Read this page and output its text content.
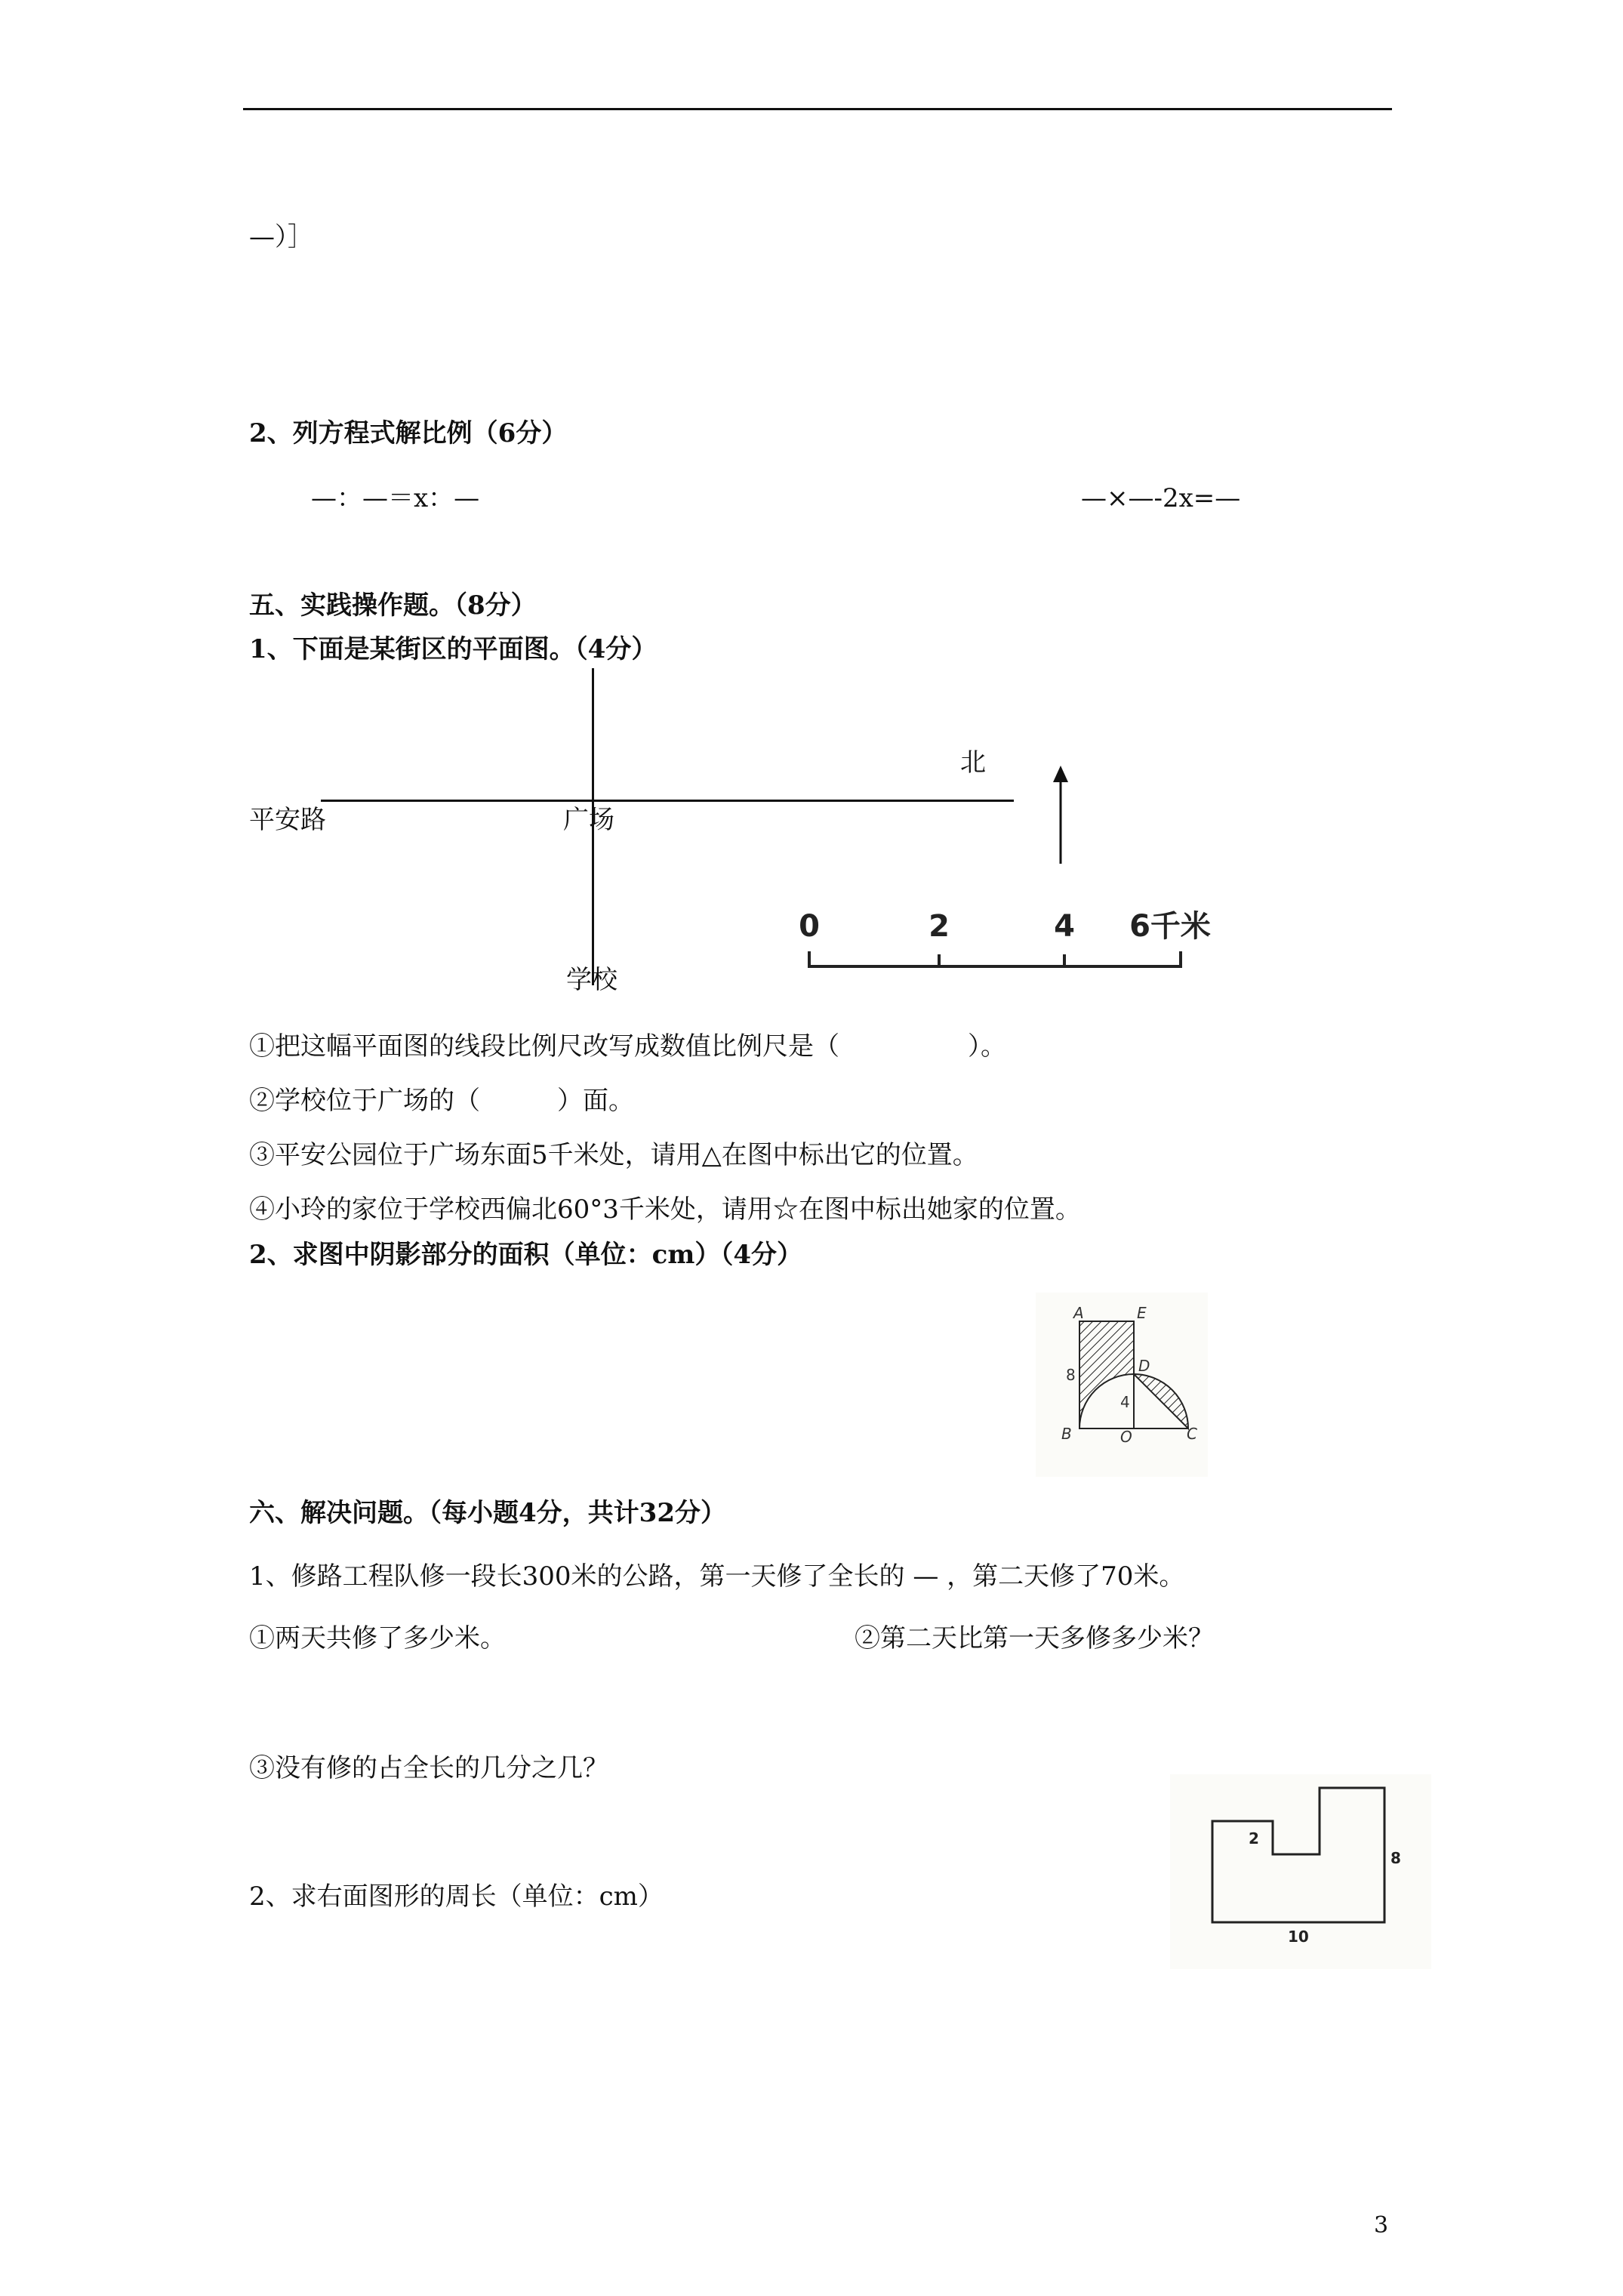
—）］
2、列方程式解比例（6分）
—：—＝x：—	—×—-2x=—
五、实践操作题。（8分）
1、下面是某街区的平面图。（4分）
北
平安路	广场
学校
0	2	4 6千米
①把这幅平面图的线段比例尺改写成数值比例尺是（　　　　　）。
②学校位于广场的（　　　）面。
③平安公园位于广场东面5千米处，请用△在图中标出它的位置。
④小玲的家位于学校西偏北60°3千米处，请用☆在图中标出她家的位置。
2、求图中阴影部分的面积（单位：cm）（4分）
A	E
8	D
4
B	O	C
六、解决问题。（每小题4分，共计32分）
1、修路工程队修一段长300米的公路，第一天修了全长的 — ，第二天修了70米。
①两天共修了多少米。	②第二天比第一天多修多少米？
③没有修的占全长的几分之几？
2、求右面图形的周长（单位：cm）
2
8
10
3
